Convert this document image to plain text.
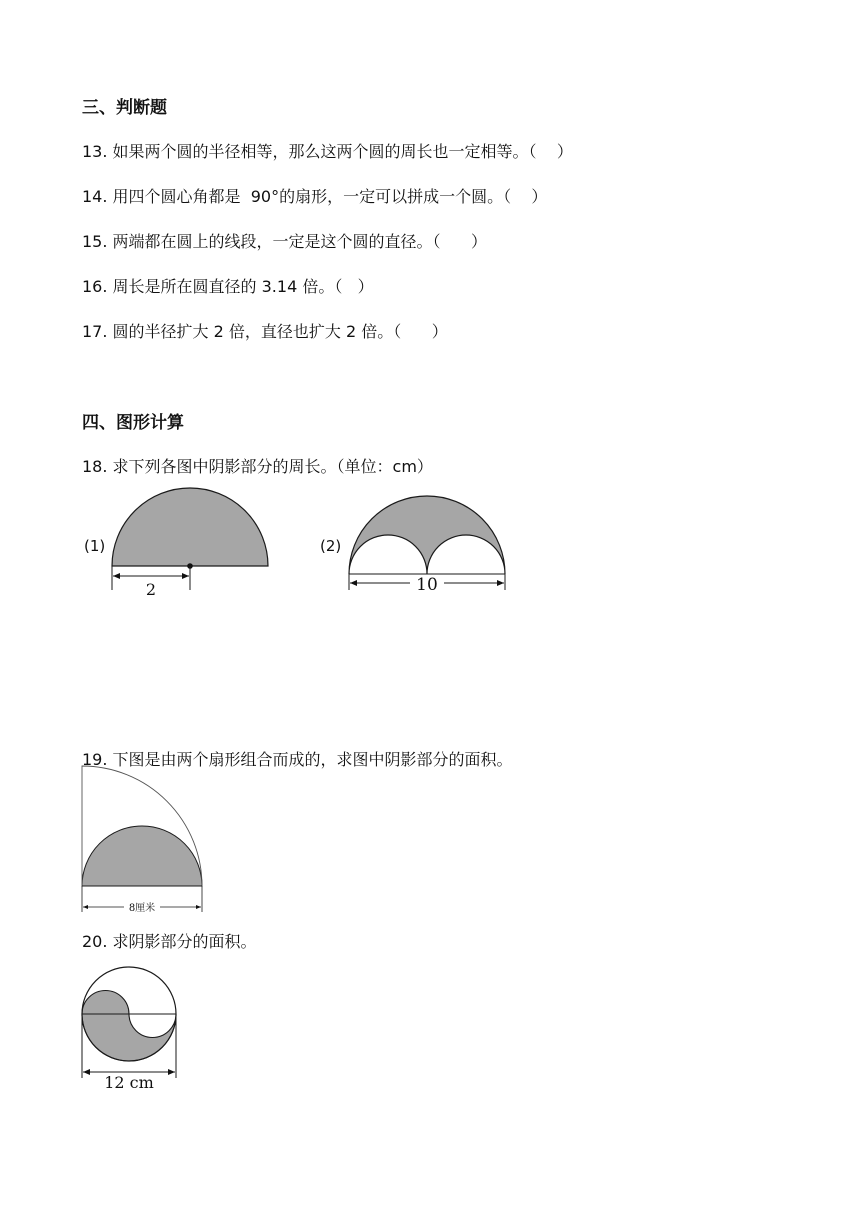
三、判断题

13. 如果两个圆的半径相等，那么这两个圆的周长也一定相等。（    ）

14. 用四个圆心角都是  90°的扇形，一定可以拼成一个圆。（    ）

15. 两端都在圆上的线段，一定是这个圆的直径。（      ）

16. 周长是所在圆直径的 3.14 倍。（   ）

17. 圆的半径扩大 2 倍，直径也扩大 2 倍。（      ）

四、图形计算

18. 求下列各图中阴影部分的周长。（单位：cm）

(1)
2
(2)
10

19. 下图是由两个扇形组合而成的，求图中阴影部分的面积。

8厘米

20. 求阴影部分的面积。

12 cm
